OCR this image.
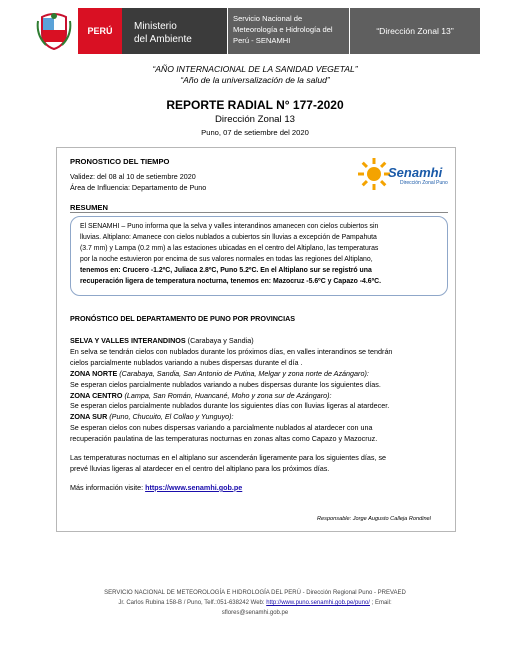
PERÚ	Ministerio
del Ambiente
Servicio Nacional de
Meteorología e Hidrología del
Perú - SENAMHI
“Dirección Zonal 13”
“AÑO INTERNACIONAL DE LA SANIDAD VEGETAL”
“Año de la universalización de la salud”
REPORTE RADIAL N° 177-2020
Dirección Zonal 13
Puno, 07 de setiembre del 2020
PRONOSTICO DEL TIEMPO
Validez: del 08 al 10 de setiembre 2020
Área de Influencia: Departamento de Puno
Senamhi
Dirección Zonal Puno
RESUMEN
El SENAMHI – Puno informa que la selva y valles interandinos amanecen con cielos cubiertos sin
lluvias. Altiplano: Amanece con cielos nublados a cubiertos sin lluvias a excepción de Pampahuta
(3.7 mm) y Lampa (0.2 mm) a las estaciones ubicadas en el centro del Altiplano, las temperaturas
por la noche estuvieron por encima de sus valores normales en todas las regiones del Altiplano,
tenemos en: Crucero -1.2ºC, Juliaca 2.8ºC, Puno 5.2ºC. En el Altiplano sur se registró una
recuperación ligera de temperatura nocturna, tenemos en: Mazocruz -5.6ºC y Capazo -4.6ºC.
PRONÓSTICO DEL DEPARTAMENTO DE PUNO POR PROVINCIAS
SELVA Y VALLES INTERANDINOS (Carabaya y Sandia)
En selva se tendrán cielos con nublados durante los próximos días, en valles interandinos se tendrán
cielos parcialmente nublados variando a nubes dispersas durante el día .
ZONA NORTE (Carabaya, Sandia, San Antonio de Putina, Melgar y zona norte de Azángaro):
Se esperan cielos parcialmente nublados variando a nubes dispersas durante los siguientes días.
ZONA CENTRO (Lampa, San Román, Huancané, Moho y zona sur de Azángaro):
Se esperan cielos parcialmente nublados durante los siguientes días con lluvias ligeras al atardecer.
ZONA SUR (Puno, Chucuito, El Collao y Yunguyo):
Se esperan cielos con nubes dispersas variando a parcialmente nublados al atardecer con una
recuperación paulatina de las temperaturas nocturnas en zonas altas como Capazo y Mazocruz.
Las temperaturas nocturnas en el altiplano sur ascenderán ligeramente para los siguientes días, se
prevé lluvias ligeras al atardecer en el centro del altiplano para los próximos días.
Más información visite: https://www.senamhi.gob.pe
Responsable: Jorge Augusto Calleja Rondinel
SERVICIO NACIONAL DE METEOROLOGÍA E HIDROLOGÍA DEL PERÚ - Dirección Regional Puno - PREVAED
Jr. Carlos Rubina 158-B / Puno, Telf.:051-638242 Web: http://www.puno.senamhi.gob.pe/puno/ ; Email:
sflores@senamhi.gob.pe
